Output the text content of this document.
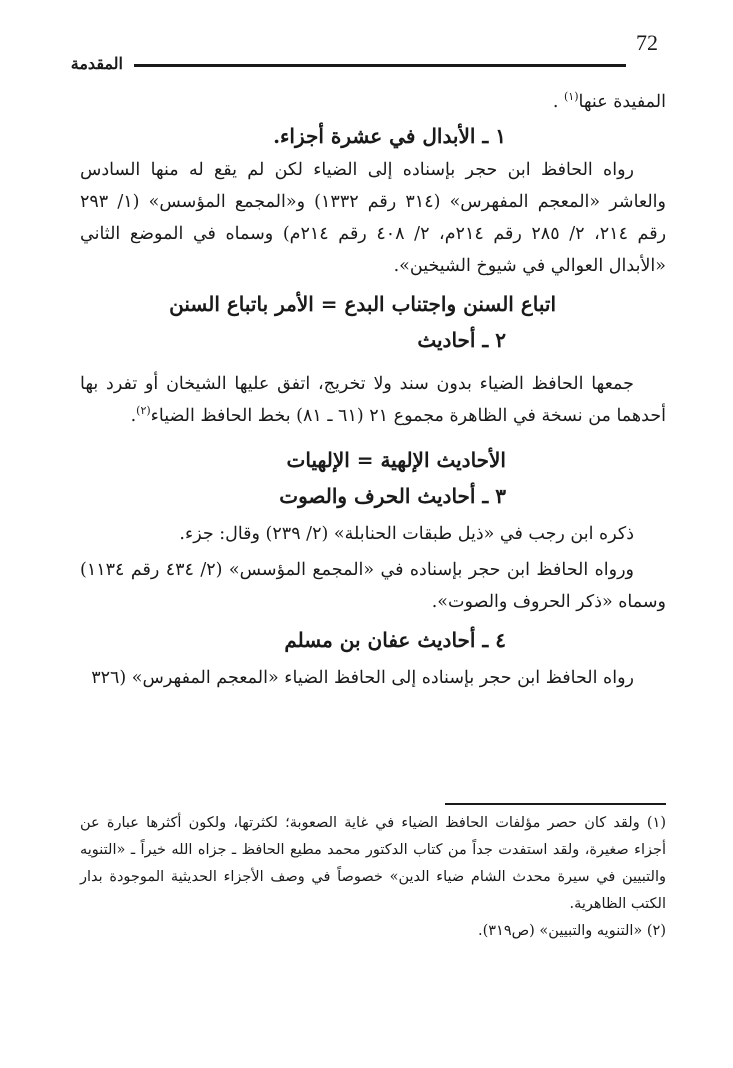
72
المقدمة

المفيدة عنها$^{(١)}$ .

١ ـ الأبدال في عشرة أجزاء.

رواه الحافظ ابن حجر بإسناده إلى الضياء لكن لم يقع له منها السادس والعاشر «المعجم المفهرس» (٣١٤ رقم ١٣٣٢) و«المجمع المؤسس» (١/ ٢٩٣ رقم ٢١٤، ٢/ ٢٨٥ رقم ٢١٤م، ٢/ ٤٠٨ رقم ٢١٤م) وسماه في الموضع الثاني «الأبدال العوالي في شيوخ الشيخين».

اتباع السنن واجتناب البدع = الأمر باتباع السنن

٢ ـ أحاديث

جمعها الحافظ الضياء بدون سند ولا تخريج، اتفق عليها الشيخان أو تفرد بها أحدهما من نسخة في الظاهرة مجموع ٢١ (٦١ ـ ٨١) بخط الحافظ الضياء$^{(٢)}$.

الأحاديث الإلهية = الإلهيات

٣ ـ أحاديث الحرف والصوت

ذكره ابن رجب في «ذيل طبقات الحنابلة» (٢/ ٢٣٩) وقال: جزء.

ورواه الحافظ ابن حجر بإسناده في «المجمع المؤسس» (٢/ ٤٣٤ رقم ١١٣٤) وسماه «ذكر الحروف والصوت».

٤ ـ أحاديث عفان بن مسلم

رواه الحافظ ابن حجر بإسناده إلى الحافظ الضياء «المعجم المفهرس» (٣٢٦

(١) ولقد كان حصر مؤلفات الحافظ الضياء في غاية الصعوبة؛ لكثرتها، ولكون أكثرها عبارة عن أجزاء صغيرة، ولقد استفدت جداً من كتاب الدكتور محمد مطيع الحافظ ـ جزاه الله خيراً ـ «التنويه والتبيين في سيرة محدث الشام ضياء الدين» خصوصاً في وصف الأجزاء الحديثية الموجودة بدار الكتب الظاهرية.

(٢) «التنويه والتبيين» (ص٣١٩).
